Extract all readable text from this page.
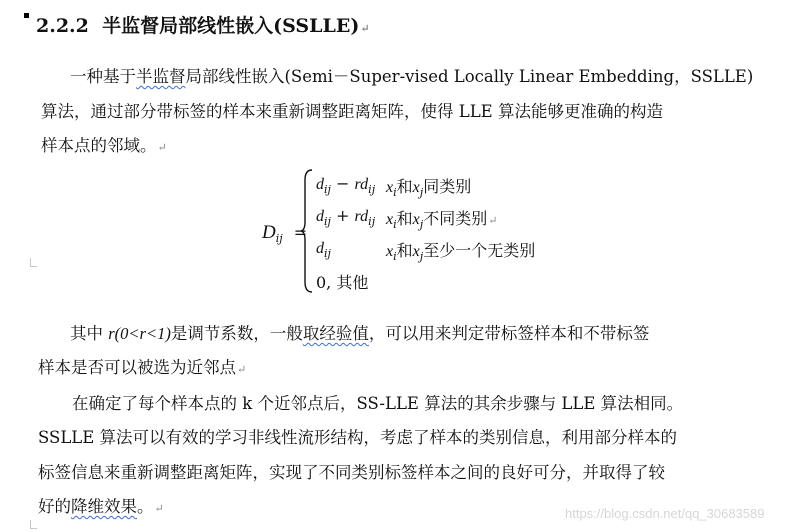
2.2.2 半监督局部线性嵌入(SSLLE)↵
一种基于半监督局部线性嵌入(Semi－Super-vised Locally Linear Embedding，SSLLE)
算法，通过部分带标签的样本来重新调整距离矩阵，使得 LLE 算法能够更准确的构造
样本点的邻域。↵
$D_{ij}$ =
$d_{ij} - rd_{ij}$ $x_i$和$x_j$同类别
$d_{ij} + rd_{ij}$ $x_i$和$x_j$不同类别↵
$d_{ij}$	$x_i$和$x_j$至少一个无类别
0, 其他
其中 r(0<r<1)是调节系数，一般取经验值，可以用来判定带标签样本和不带标签
样本是否可以被选为近邻点↵
在确定了每个样本点的 k 个近邻点后，SS-LLE 算法的其余步骤与 LLE 算法相同。
SSLLE 算法可以有效的学习非线性流形结构，考虑了样本的类别信息，利用部分样本的
标签信息来重新调整距离矩阵，实现了不同类别标签样本之间的良好可分，并取得了较
好的降维效果。↵	https://blog.csdn.net/qq_30683589
